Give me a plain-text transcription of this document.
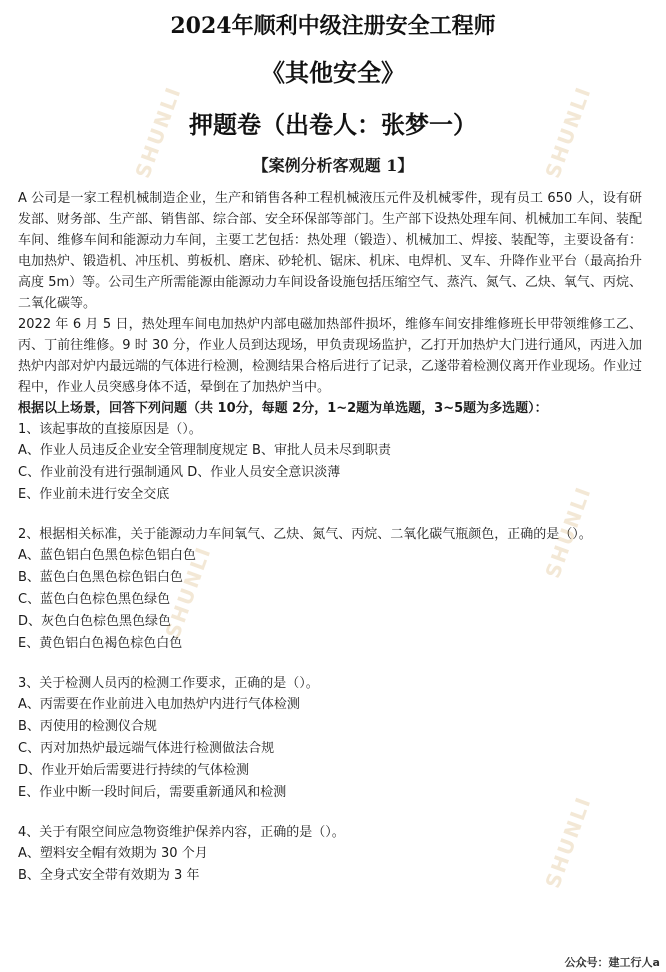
SHUNLI	SHUNLI
SHUNLI
SHUNLI
SHUNLI
2024年顺利中级注册安全工程师
《其他安全》
押题卷（出卷人：张梦一）
【案例分析客观题 1】

A 公司是一家工程机械制造企业，生产和销售各种工程机械液压元件及机械零件，现有员工 650 人，设有研发部、财务部、生产部、销售部、综合部、安全环保部等部门。生产部下设热处理车间、机械加工车间、装配车间、维修车间和能源动力车间，主要工艺包括：热处理（锻造）、机械加工、焊接、装配等，主要设备有：电加热炉、锻造机、冲压机、剪板机、磨床、砂轮机、锯床、机床、电焊机、叉车、升降作业平台（最高抬升高度 5m）等。公司生产所需能源由能源动力车间设备设施包括压缩空气、蒸汽、氮气、乙炔、氧气、丙烷、二氧化碳等。

2022 年 6 月 5 日，热处理车间电加热炉内部电磁加热部件损坏，维修车间安排维修班长甲带领维修工乙、丙、丁前往维修。9 时 30 分，作业人员到达现场，甲负责现场监护，乙打开加热炉大门进行通风，丙进入加热炉内部对炉内最远端的气体进行检测，检测结果合格后进行了记录，乙遂带着检测仪离开作业现场。作业过程中，作业人员突感身体不适，晕倒在了加热炉当中。

根据以上场景，回答下列问题（共 10分，每题 2分，1~2题为单选题，3~5题为多选题）：

1、该起事故的直接原因是（）。

A、作业人员违反企业安全管理制度规定 B、审批人员未尽到职责

C、作业前没有进行强制通风 D、作业人员安全意识淡薄

E、作业前未进行安全交底

2、根据相关标准，关于能源动力车间氧气、乙炔、氮气、丙烷、二氧化碳气瓶颜色，正确的是（）。

A、蓝色铝白色黑色棕色铝白色

B、蓝色白色黑色棕色铝白色

C、蓝色白色棕色黑色绿色

D、灰色白色棕色黑色绿色

E、黄色铝白色褐色棕色白色

3、关于检测人员丙的检测工作要求，正确的是（）。

A、丙需要在作业前进入电加热炉内进行气体检测

B、丙使用的检测仪合规

C、丙对加热炉最远端气体进行检测做法合规

D、作业开始后需要进行持续的气体检测

E、作业中断一段时间后，需要重新通风和检测

4、关于有限空间应急物资维护保养内容，正确的是（）。

A、塑料安全帽有效期为 30 个月

B、全身式安全带有效期为 3 年

公众号：建工行人a
